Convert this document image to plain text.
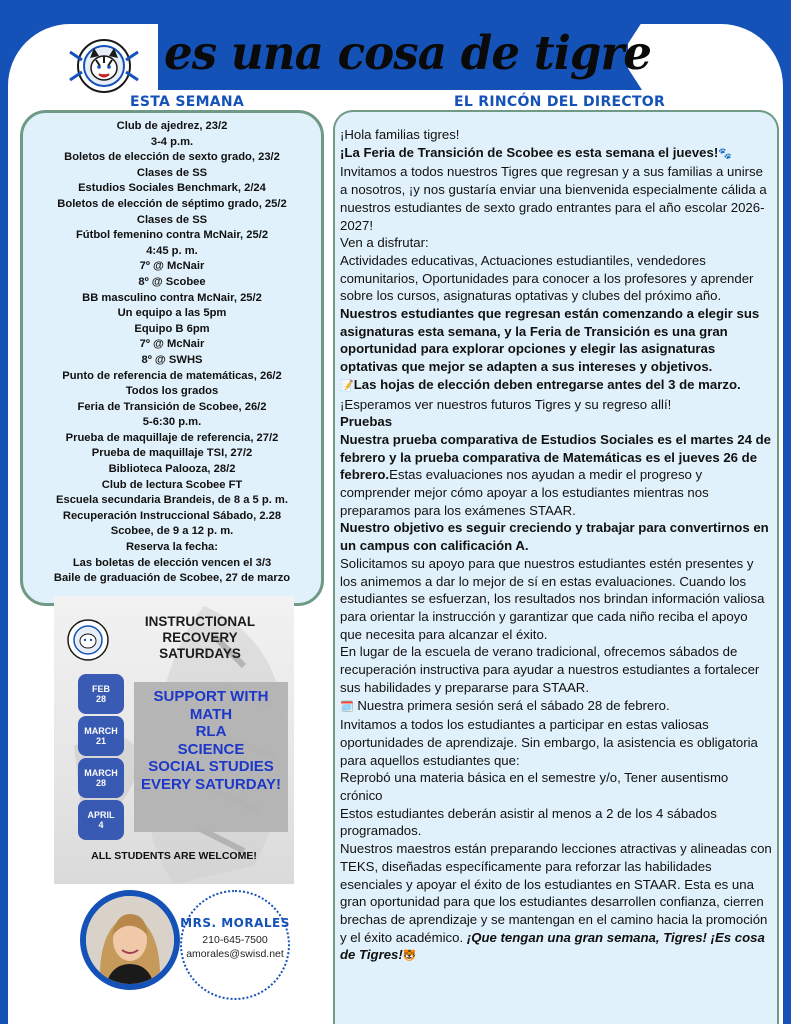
es una cosa de tigre
ESTA SEMANA	EL RINCÓN DEL DIRECTOR
Club de ajedrez, 23/2
3-4 p.m.
Boletos de elección de sexto grado, 23/2
Clases de SS
Estudios Sociales Benchmark, 2/24
Boletos de elección de séptimo grado, 25/2
Clases de SS
Fútbol femenino contra McNair, 25/2
4:45 p. m.
7º @ McNair
8º @ Scobee
BB masculino contra McNair, 25/2
Un equipo a las 5pm
Equipo B 6pm
7º @ McNair
8º @ SWHS
Punto de referencia de matemáticas, 26/2
Todos los grados
Feria de Transición de Scobee, 26/2
5-6:30 p.m.
Prueba de maquillaje de referencia, 27/2
Prueba de maquillaje TSI, 27/2
Biblioteca Palooza, 28/2
Club de lectura Scobee FT
Escuela secundaria Brandeis, de 8 a 5 p. m.
Recuperación Instruccional Sábado, 2.28
Scobee, de 9 a 12 p. m.
Reserva la fecha:
Las boletas de elección vencen el 3/3
Baile de graduación de Scobee, 27 de marzo
INSTRUCTIONAL
RECOVERY
SATURDAYS
FEB
28
MARCH
21
MARCH
28
APRIL
4
SUPPORT WITH
MATH
RLA
SCIENCE
SOCIAL STUDIES
EVERY SATURDAY!
ALL STUDENTS ARE WELCOME!
MRS. MORALES
210-645-7500
amorales@swisd.net

¡Hola familias tigres!

¡La Feria de Transición de Scobee es esta semana el jueves!🐾

Invitamos a todos nuestros Tigres que regresan y a sus familias a unirse a nosotros, ¡y nos gustaría enviar una bienvenida especialmente cálida a nuestros estudiantes de sexto grado entrantes para el año escolar 2026-2027!

Ven a disfrutar:

Actividades educativas, Actuaciones estudiantiles, vendedores comunitarios, Oportunidades para conocer a los profesores y aprender sobre los cursos, asignaturas optativas y clubes del próximo año.

Nuestros estudiantes que regresan están comenzando a elegir sus asignaturas esta semana, y la Feria de Transición es una gran oportunidad para explorar opciones y elegir las asignaturas optativas que mejor se adapten a sus intereses y objetivos.

📝Las hojas de elección deben entregarse antes del 3 de marzo.

¡Esperamos ver nuestros futuros Tigres y su regreso allí!

Pruebas

Nuestra prueba comparativa de Estudios Sociales es el martes 24 de febrero y la prueba comparativa de Matemáticas es el jueves 26 de febrero.Estas evaluaciones nos ayudan a medir el progreso y comprender mejor cómo apoyar a los estudiantes mientras nos preparamos para los exámenes STAAR.

Nuestro objetivo es seguir creciendo y trabajar para convertirnos en un campus con calificación A.

Solicitamos su apoyo para que nuestros estudiantes estén presentes y los animemos a dar lo mejor de sí en estas evaluaciones. Cuando los estudiantes se esfuerzan, los resultados nos brindan información valiosa para orientar la instrucción y garantizar que cada niño reciba el apoyo que necesita para alcanzar el éxito.

En lugar de la escuela de verano tradicional, ofrecemos sábados de recuperación instructiva para ayudar a nuestros estudiantes a fortalecer sus habilidades y prepararse para STAAR.

🗓️ Nuestra primera sesión será el sábado 28 de febrero.

Invitamos a todos los estudiantes a participar en estas valiosas oportunidades de aprendizaje. Sin embargo, la asistencia es obligatoria para aquellos estudiantes que:

Reprobó una materia básica en el semestre y/o, Tener ausentismo crónico

Estos estudiantes deberán asistir al menos a 2 de los 4 sábados programados.

Nuestros maestros están preparando lecciones atractivas y alineadas con TEKS, diseñadas específicamente para reforzar las habilidades esenciales y apoyar el éxito de los estudiantes en STAAR. Esta es una gran oportunidad para que los estudiantes desarrollen confianza, cierren brechas de aprendizaje y se mantengan en el camino hacia la promoción y el éxito académico. ¡Que tengan una gran semana, Tigres! ¡Es cosa de Tigres!🐯
